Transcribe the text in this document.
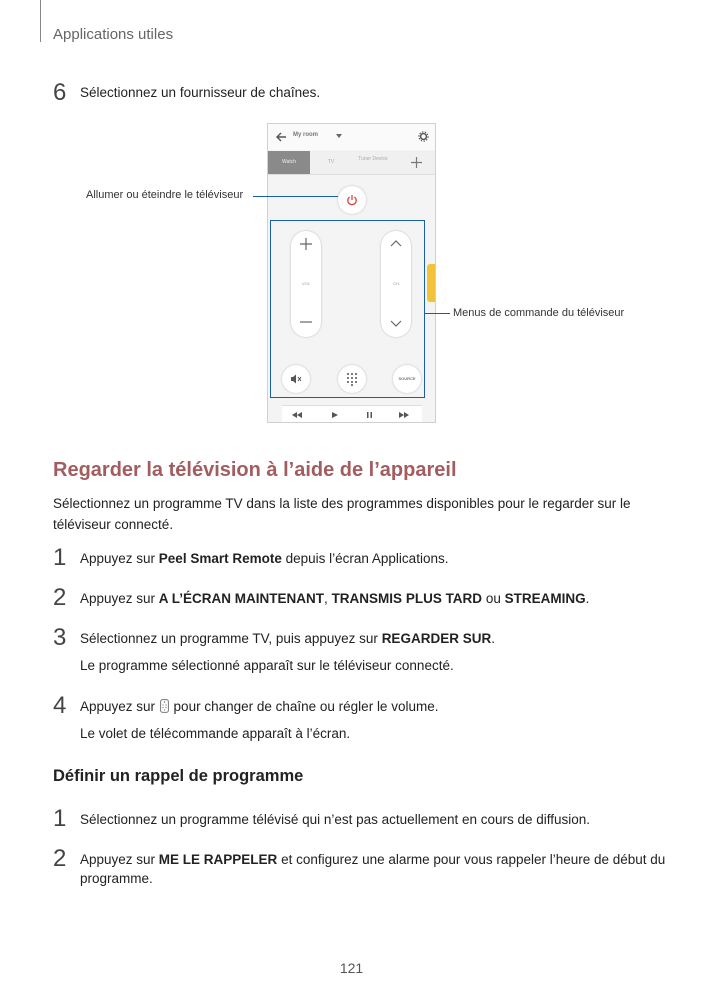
Applications utiles
6 Sélectionnez un fournisseur de chaînes.
My room
Watch	TV	Tuner Device
VOL	CH
SOURCE
Allumer ou éteindre le téléviseur
Menus de commande du téléviseur
Regarder la télévision à l’aide de l’appareil
Sélectionnez un programme TV dans la liste des programmes disponibles pour le regarder sur le téléviseur connecté.
1 Appuyez sur Peel Smart Remote depuis l’écran Applications.
2 Appuyez sur A L’ÉCRAN MAINTENANT, TRANSMIS PLUS TARD ou STREAMING.
3 Sélectionnez un programme TV, puis appuyez sur REGARDER SUR.
Le programme sélectionné apparaît sur le téléviseur connecté.
4 Appuyez sur  pour changer de chaîne ou régler le volume.
Le volet de télécommande apparaît à l’écran.
Définir un rappel de programme
1 Sélectionnez un programme télévisé qui n’est pas actuellement en cours de diffusion.
2 Appuyez sur ME LE RAPPELER et configurez une alarme pour vous rappeler l’heure de début du programme.
121
